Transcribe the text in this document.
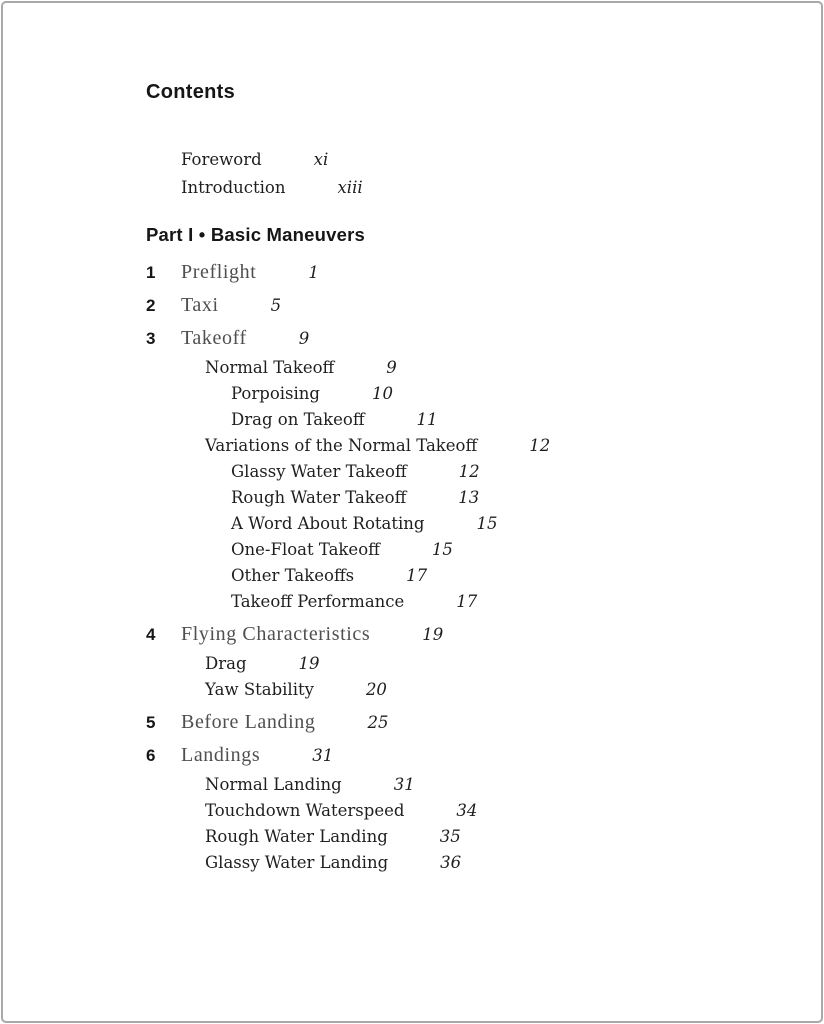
Contents
Foreword	xi
Introduction	xiii
Part I • Basic Maneuvers
1	Preflight	1
2	Taxi	5
3	Takeoff	9
Normal Takeoff	9
Porpoising	10
Drag on Takeoff	11
Variations of the Normal Takeoff	12
Glassy Water Takeoff	12
Rough Water Takeoff	13
A Word About Rotating	15
One-Float Takeoff	15
Other Takeoffs	17
Takeoff Performance	17
4	Flying Characteristics	19
Drag	19
Yaw Stability	20
5	Before Landing	25
6	Landings	31
Normal Landing	31
Touchdown Waterspeed	34
Rough Water Landing	35
Glassy Water Landing	36
